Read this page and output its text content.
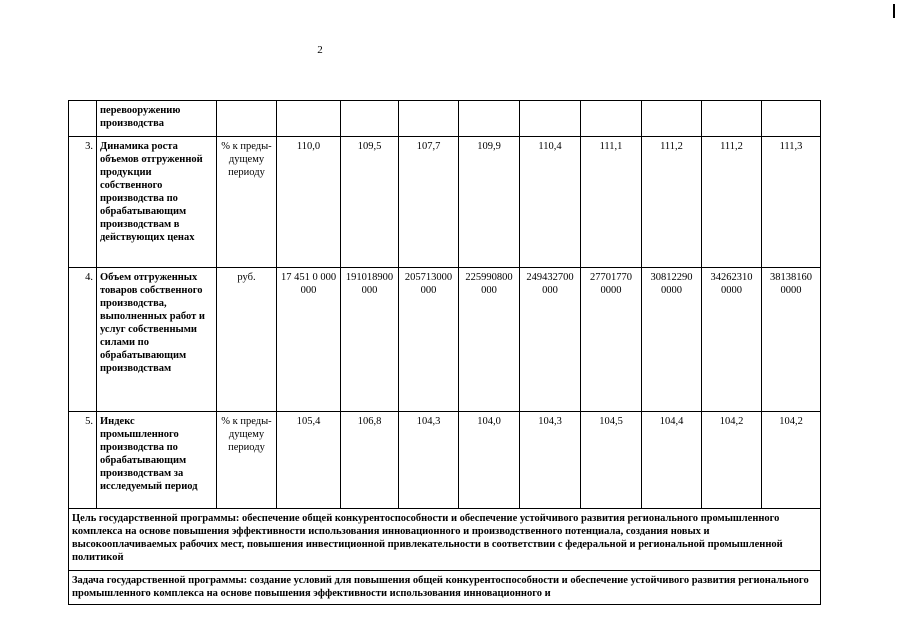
2
	перевооружению производства										
3.	Динамика роста объемов отгруженной продукции собственного производства по обрабатывающим производствам в действующих ценах	% к преды-дущему периоду	110,0	109,5	107,7	109,9	110,4	111,1	111,2	111,2	111,3
4.	Объем отгруженных товаров собственного производства, выполненных работ и услуг собственными силами по обрабатывающим производствам	руб.	17 451 0 000 000	191018900 000	205713000 000	225990800 000	249432700 000	27701770 0000	30812290 0000	34262310 0000	38138160 0000
5.	Индекс промышленного производства по обрабатывающим производствам за исследуемый период	% к преды-дущему периоду	105,4	106,8	104,3	104,0	104,3	104,5	104,4	104,2	104,2
Цель государственной программы: обеспечение общей конкурентоспособности и обеспечение устойчивого развития регионального промышленного комплекса на основе повышения эффективности использования инновационного и производственного потенциала, создания новых и высокооплачиваемых рабочих мест, повышения инвестиционной привлекательности в соответствии с федеральной и региональной промышленной политикой											
Задача государственной программы: создание условий для повышения общей конкурентоспособности и обеспечение устойчивого развития регионального промышленного комплекса на основе повышения эффективности использования инновационного и											
